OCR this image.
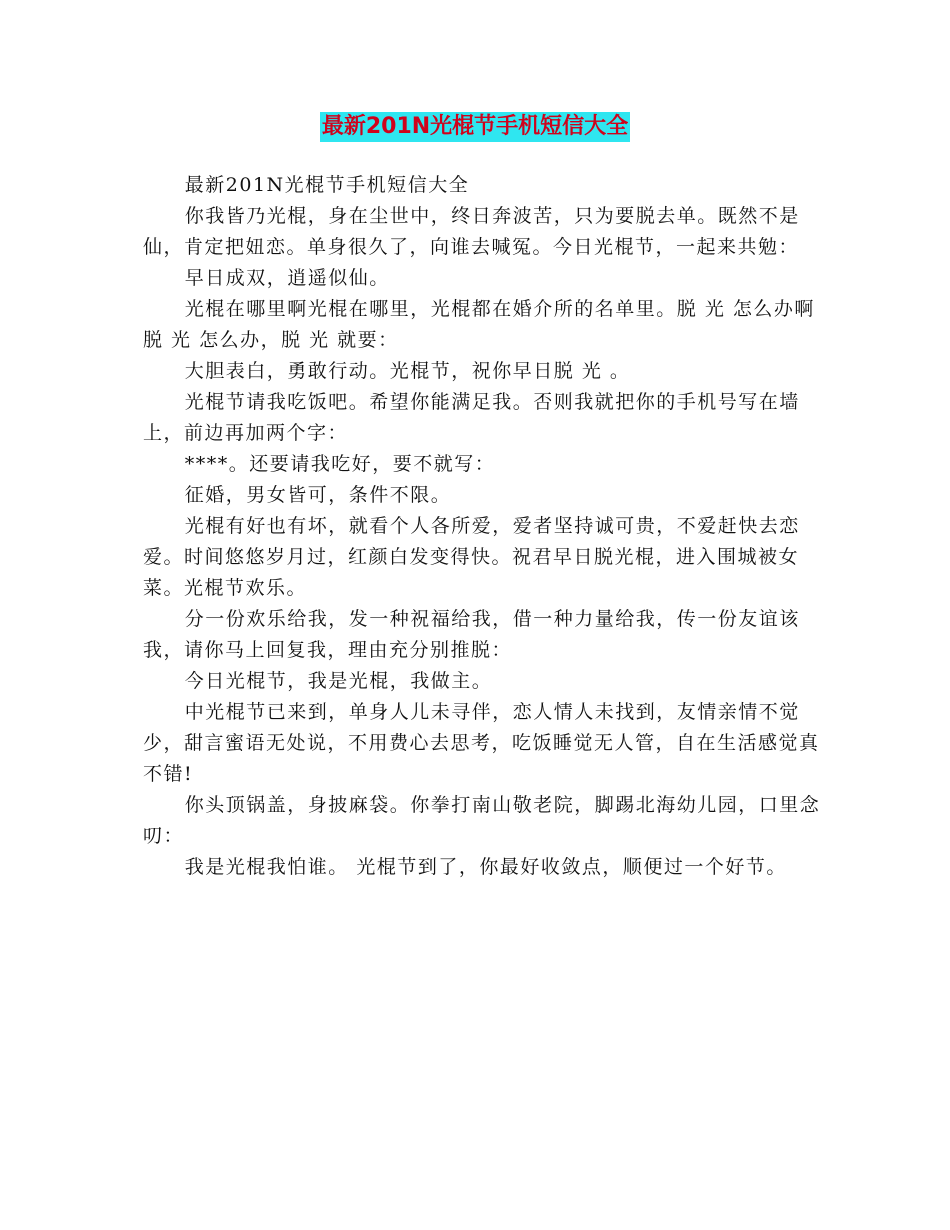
最新201N光棍节手机短信大全

最新201N光棍节手机短信大全

你我皆乃光棍，身在尘世中，终日奔波苦，只为要脱去单。既然不是仙，肯定把妞恋。单身很久了，向谁去喊冤。今日光棍节，一起来共勉：

早日成双，逍遥似仙。

光棍在哪里啊光棍在哪里，光棍都在婚介所的名单里。脱 光 怎么办啊脱 光 怎么办，脱 光 就要：

大胆表白，勇敢行动。光棍节，祝你早日脱 光 。

光棍节请我吃饭吧。希望你能满足我。否则我就把你的手机号写在墙上，前边再加两个字：

****。还要请我吃好，要不就写：

征婚，男女皆可，条件不限。

光棍有好也有坏，就看个人各所爱，爱者坚持诚可贵，不爱赶快去恋爱。时间悠悠岁月过，红颜白发变得快。祝君早日脱光棍，进入围城被女菜。光棍节欢乐。

分一份欢乐给我，发一种祝福给我，借一种力量给我，传一份友谊该我，请你马上回复我，理由充分别推脱：

今日光棍节，我是光棍，我做主。

中光棍节已来到，单身人儿未寻伴，恋人情人未找到，友情亲情不觉少，甜言蜜语无处说，不用费心去思考，吃饭睡觉无人管，自在生活感觉真不错!

你头顶锅盖，身披麻袋。你拳打南山敬老院，脚踢北海幼儿园，口里念叨：

我是光棍我怕谁。 光棍节到了，你最好收敛点，顺便过一个好节。
